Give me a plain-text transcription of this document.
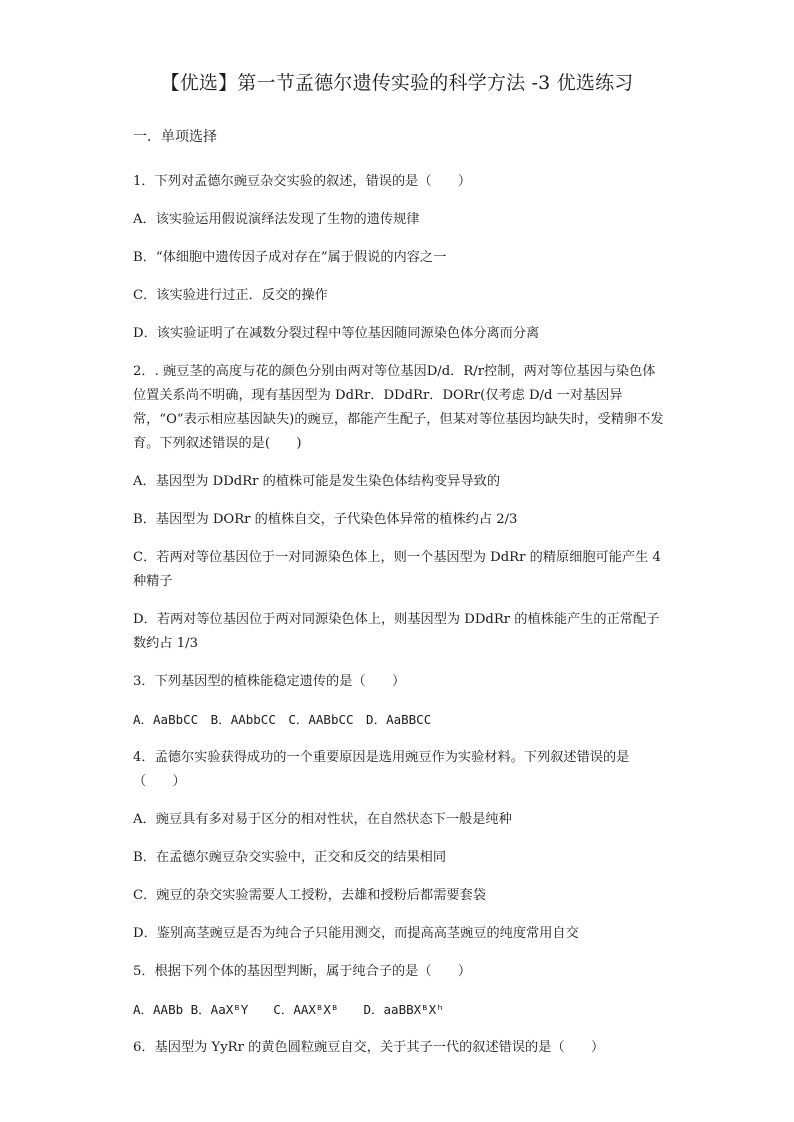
【优选】第一节孟德尔遗传实验的科学方法 -3 优选练习
一．单项选择
1．下列对孟德尔豌豆杂交实验的叙述，错误的是（　　）
A．该实验运用假说演绎法发现了生物的遗传规律
B．“体细胞中遗传因子成对存在”属于假说的内容之一
C．该实验进行过正．反交的操作
D．该实验证明了在减数分裂过程中等位基因随同源染色体分离而分离
2．. 豌豆茎的高度与花的颜色分别由两对等位基因D/d．R/r控制，两对等位基因与染色体位置关系尚不明确，现有基因型为 DdRr．DDdRr．DORr(仅考虑 D/d 一对基因异常，“O”表示相应基因缺失)的豌豆，都能产生配子，但某对等位基因均缺失时，受精卵不发育。下列叙述错误的是(　　)
A．基因型为 DDdRr 的植株可能是发生染色体结构变异导致的
B．基因型为 DORr 的植株自交，子代染色体异常的植株约占 2/3
C．若两对等位基因位于一对同源染色体上，则一个基因型为 DdRr 的精原细胞可能产生 4 种精子
D．若两对等位基因位于两对同源染色体上，则基因型为 DDdRr 的植株能产生的正常配子数约占 1/3
3．下列基因型的植株能稳定遗传的是（　　）
A．AaBbCC　B．AAbbCC　C．AABbCC　D．AaBBCC
4．孟德尔实验获得成功的一个重要原因是选用豌豆作为实验材料。下列叙述错误的是（　　）
A．豌豆具有多对易于区分的相对性状，在自然状态下一般是纯种
B．在孟德尔豌豆杂交实验中，正交和反交的结果相同
C．豌豆的杂交实验需要人工授粉，去雄和授粉后都需要套袋
D．鉴别高茎豌豆是否为纯合子只能用测交，而提高高茎豌豆的纯度常用自交
5．根据下列个体的基因型判断，属于纯合子的是（　　）
A．AABb B．AaXᴮY　　C．AAXᴮXᴮ　　D．aaBBXᴮXʰ
6．基因型为 YyRr 的黄色圆粒豌豆自交，关于其子一代的叙述错误的是（　　）
